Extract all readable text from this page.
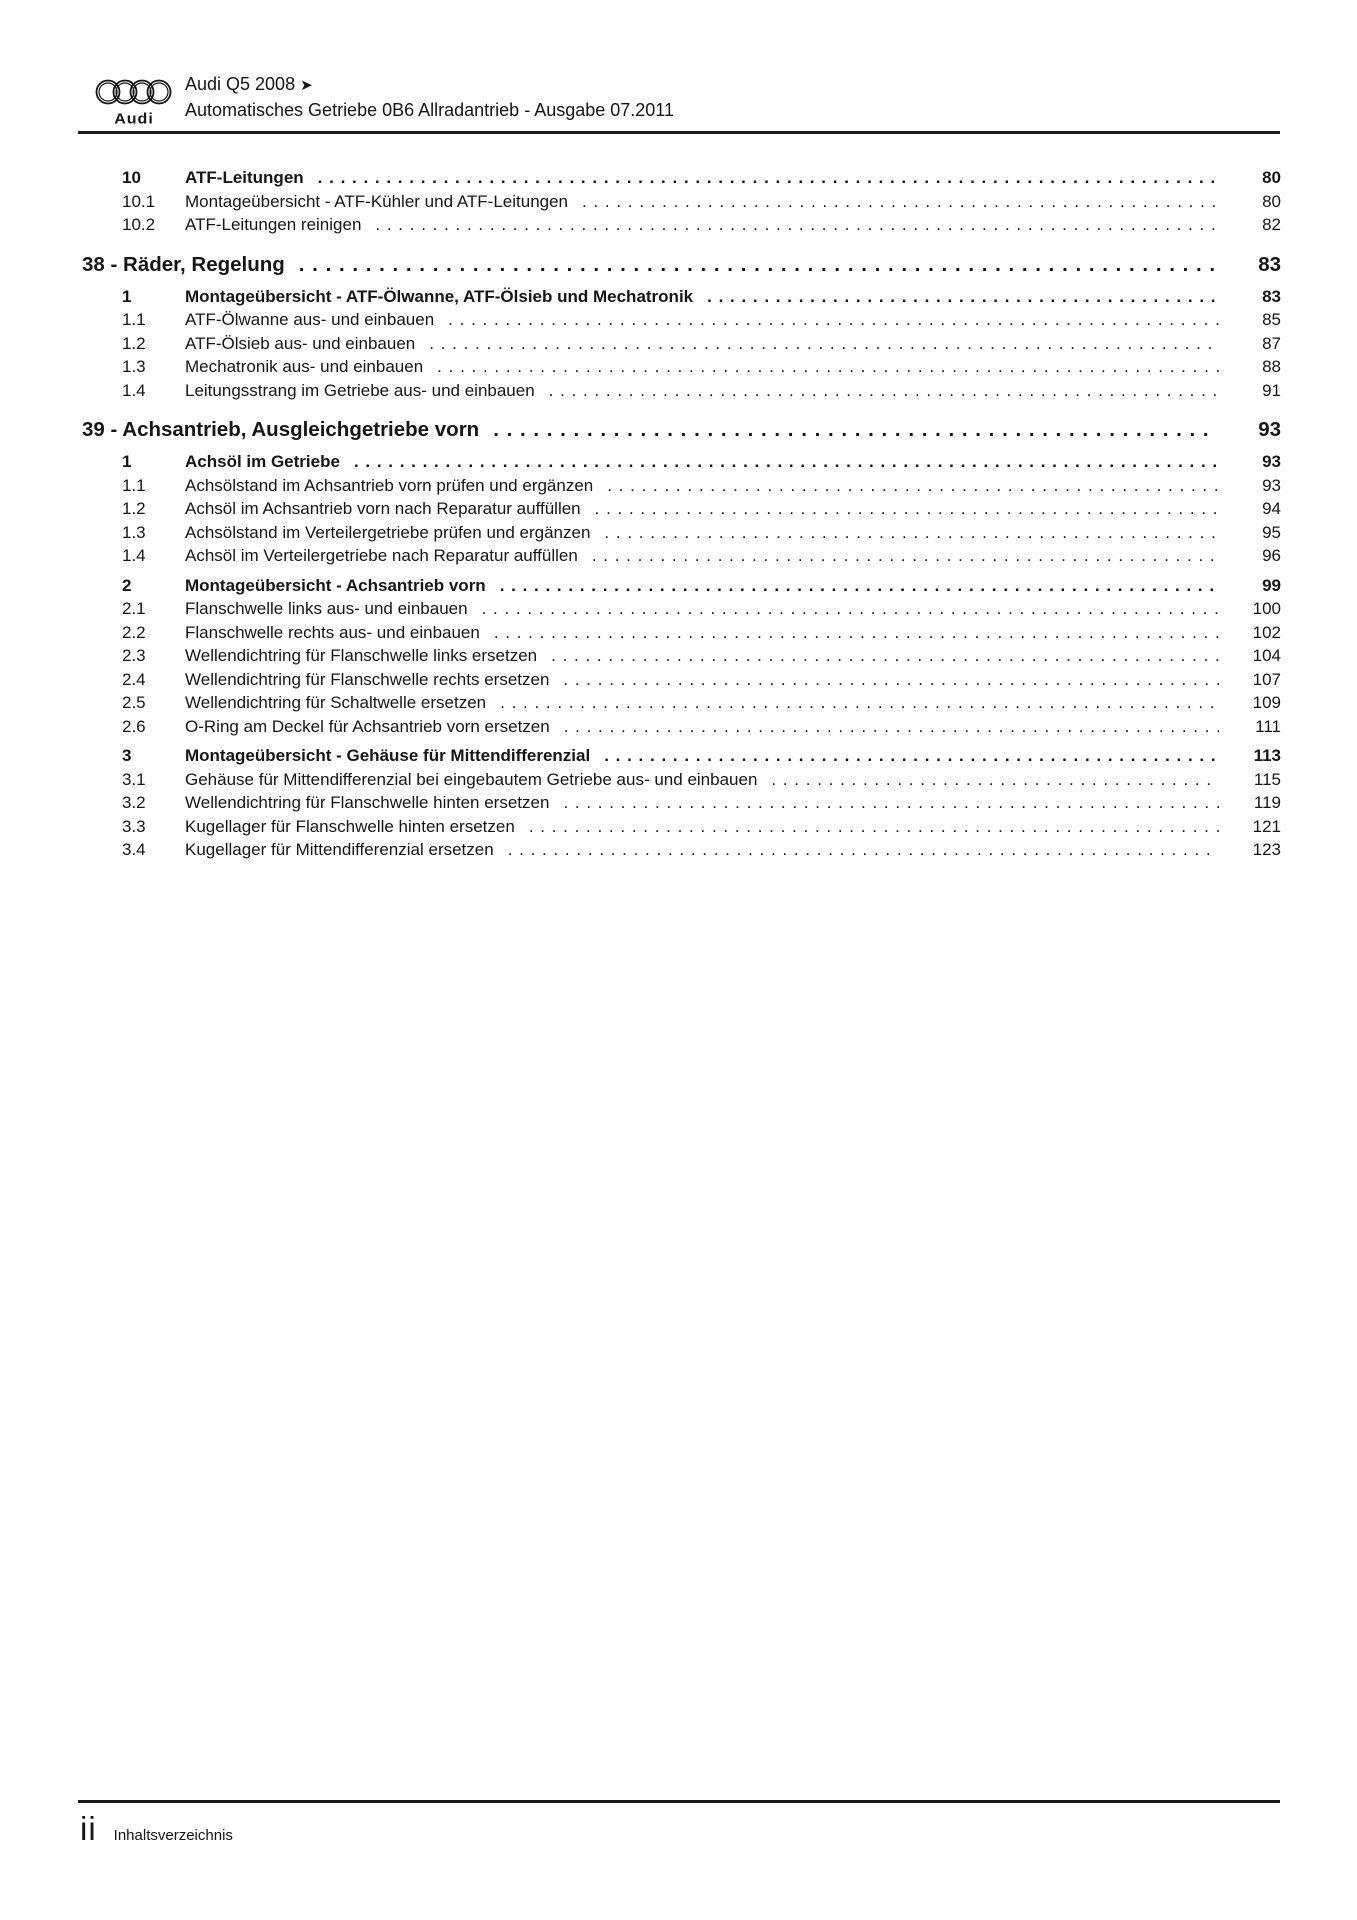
Audi
Audi Q5 2008 ➤
Automatisches Getriebe 0B6 Allradantrieb - Ausgabe 07.2011
10	ATF-Leitungen . . .	80
10.1	Montageübersicht - ATF-Kühler und ATF-Leitungen . . .	80
10.2	ATF-Leitungen reinigen . . .	82
38 - Räder, Regelung . . .	83
1	Montageübersicht - ATF-Ölwanne, ATF-Ölsieb und Mechatronik . . .	83
1.1	ATF-Ölwanne aus- und einbauen . . .	85
1.2	ATF-Ölsieb aus- und einbauen . . .	87
1.3	Mechatronik aus- und einbauen . . .	88
1.4	Leitungsstrang im Getriebe aus- und einbauen . . .	91
39 - Achsantrieb, Ausgleichgetriebe vorn . . .	93
1	Achsöl im Getriebe . . .	93
1.1	Achsölstand im Achsantrieb vorn prüfen und ergänzen . . .	93
1.2	Achsöl im Achsantrieb vorn nach Reparatur auffüllen . . .	94
1.3	Achsölstand im Verteilergetriebe prüfen und ergänzen . . .	95
1.4	Achsöl im Verteilergetriebe nach Reparatur auffüllen . . .	96
2	Montageübersicht - Achsantrieb vorn . . .	99
2.1	Flanschwelle links aus- und einbauen . . .	100
2.2	Flanschwelle rechts aus- und einbauen . . .	102
2.3	Wellendichtring für Flanschwelle links ersetzen . . .	104
2.4	Wellendichtring für Flanschwelle rechts ersetzen . . .	107
2.5	Wellendichtring für Schaltwelle ersetzen . . .	109
2.6	O-Ring am Deckel für Achsantrieb vorn ersetzen . . .	111
3	Montageübersicht - Gehäuse für Mittendifferenzial . . .	113
3.1	Gehäuse für Mittendifferenzial bei eingebautem Getriebe aus- und einbauen . . .	115
3.2	Wellendichtring für Flanschwelle hinten ersetzen . . .	119
3.3	Kugellager für Flanschwelle hinten ersetzen . . .	121
3.4	Kugellager für Mittendifferenzial ersetzen . . .	123
ii Inhaltsverzeichnis
